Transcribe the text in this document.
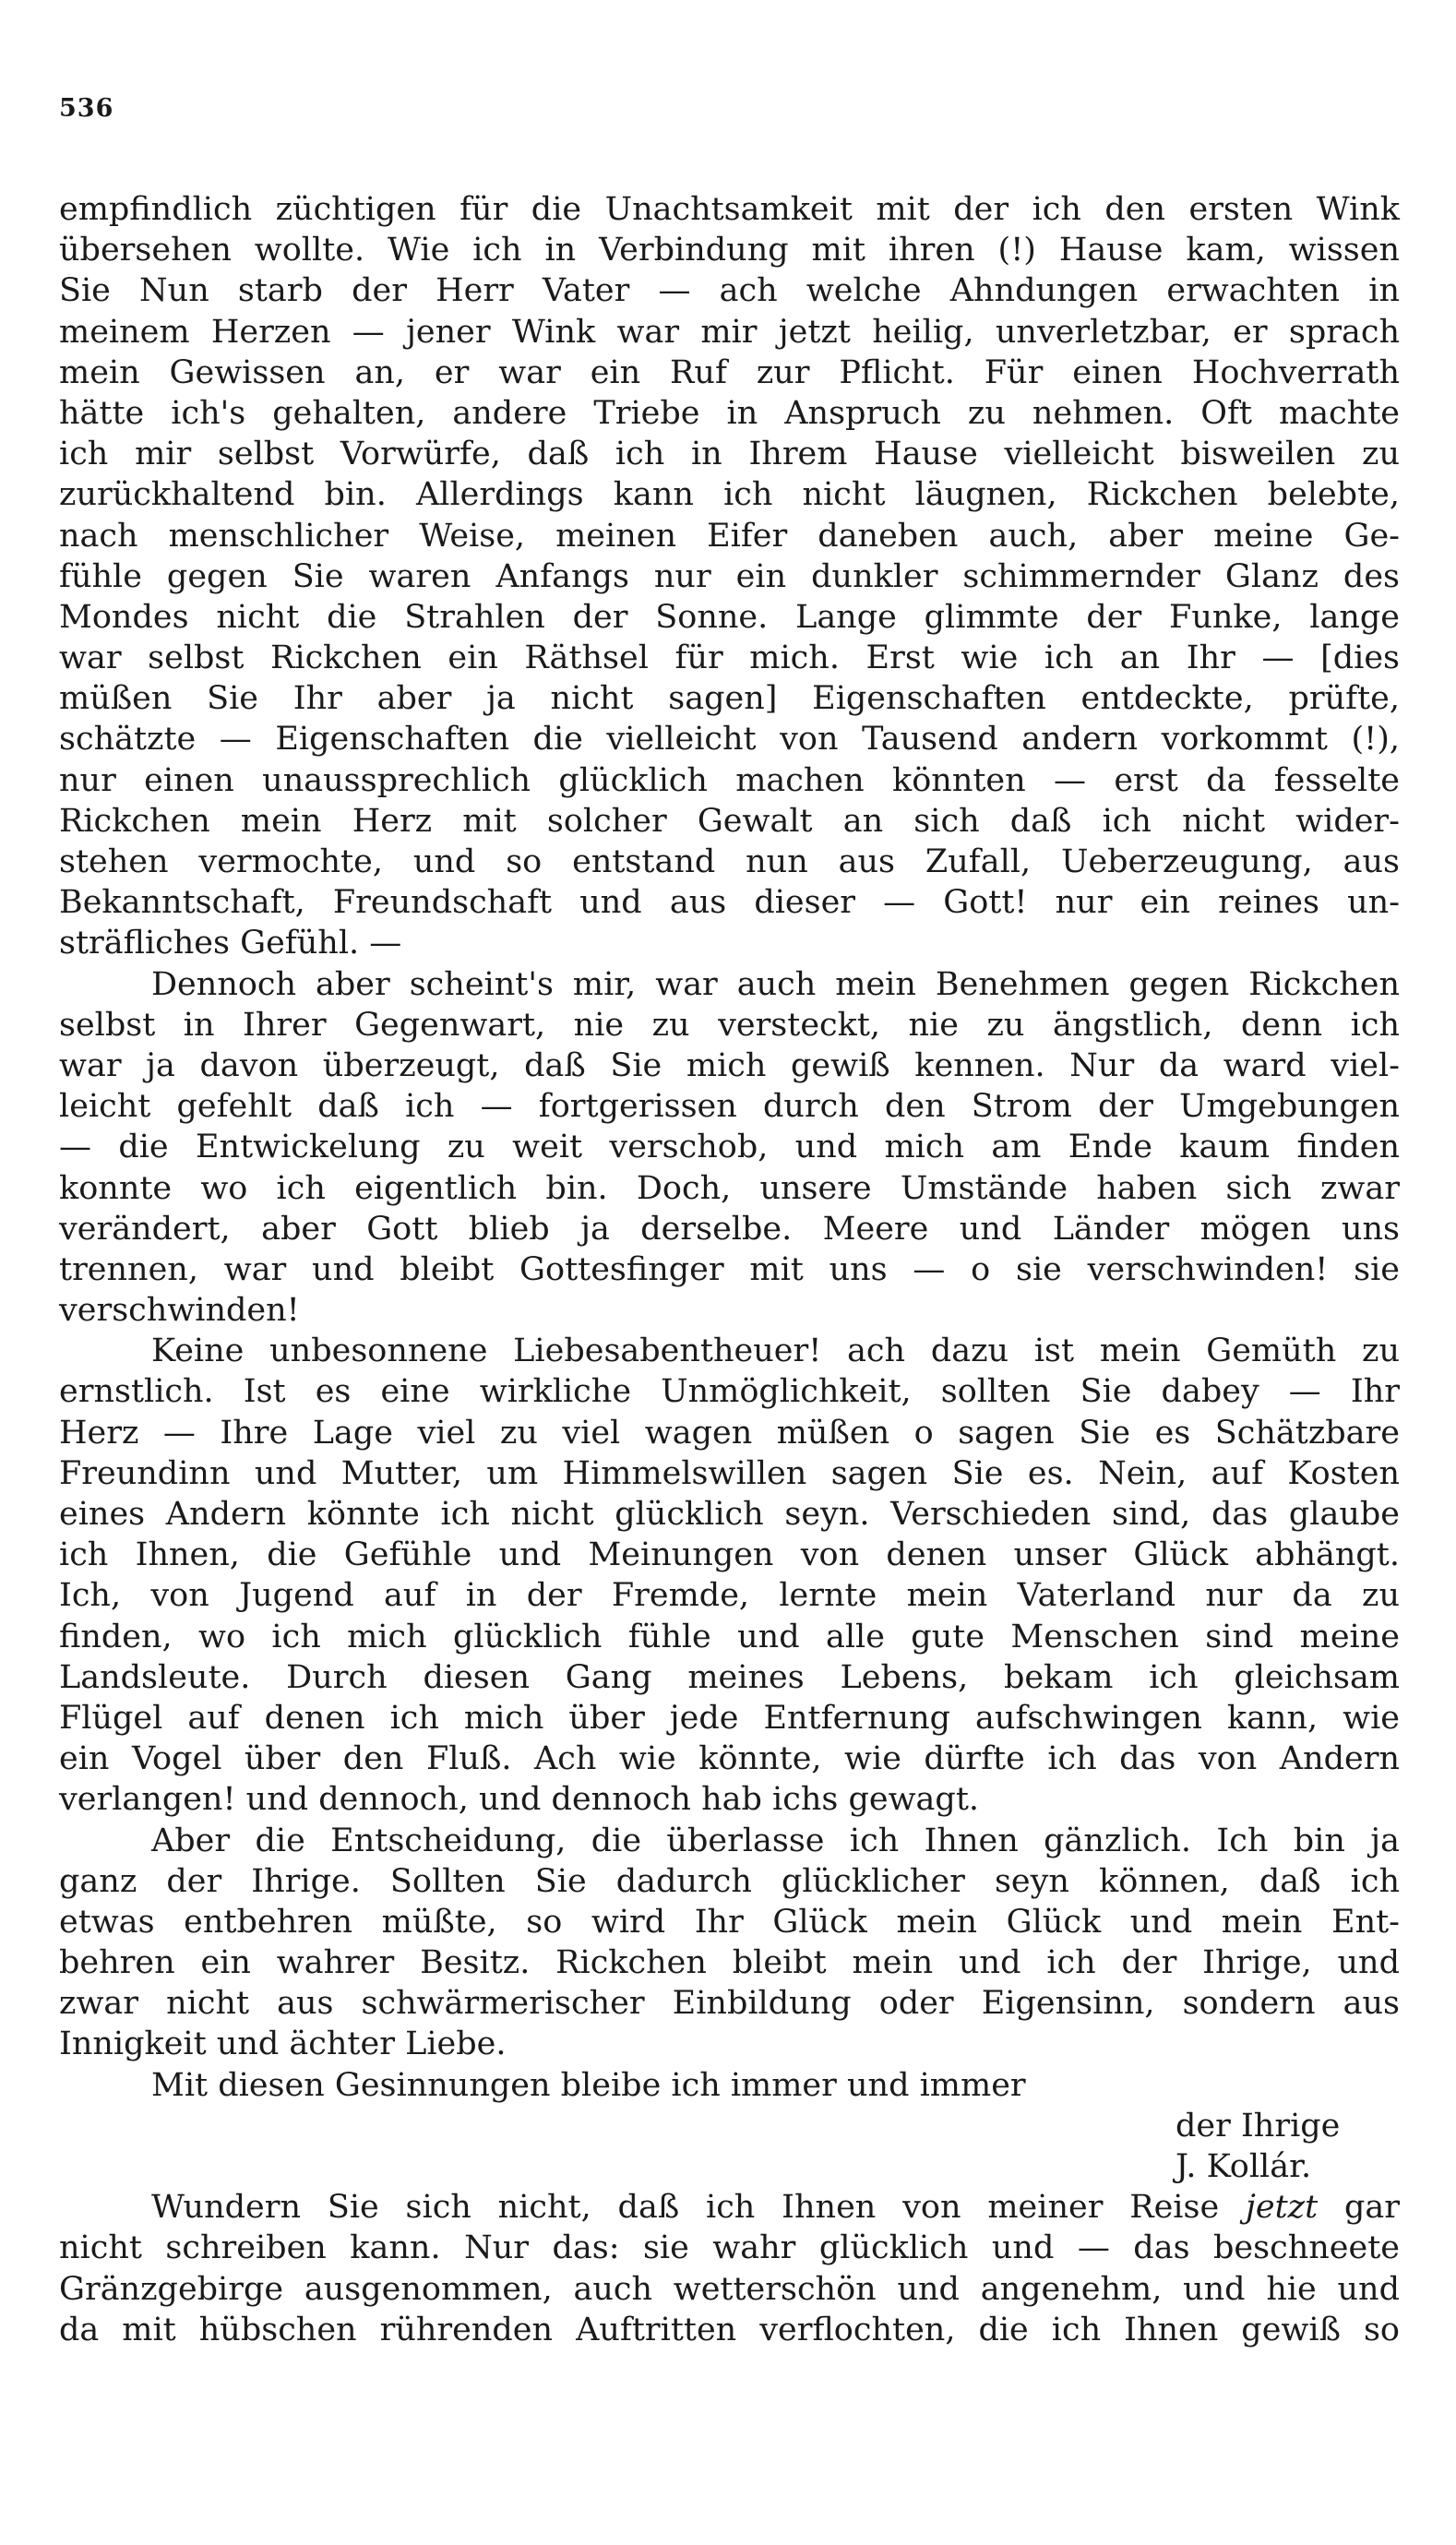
536
empfindlich züchtigen für die Unachtsamkeit mit der ich den ersten Wink
übersehen wollte. Wie ich in Verbindung mit ihren (!) Hause kam, wissen
Sie Nun starb der Herr Vater — ach welche Ahndungen erwachten in
meinem Herzen — jener Wink war mir jetzt heilig, unverletzbar, er sprach
mein Gewissen an, er war ein Ruf zur Pflicht. Für einen Hochverrath
hätte ich's gehalten, andere Triebe in Anspruch zu nehmen. Oft machte
ich mir selbst Vorwürfe, daß ich in Ihrem Hause vielleicht bisweilen zu
zurückhaltend bin. Allerdings kann ich nicht läugnen, Rickchen belebte,
nach menschlicher Weise, meinen Eifer daneben auch, aber meine Ge-
fühle gegen Sie waren Anfangs nur ein dunkler schimmernder Glanz des
Mondes nicht die Strahlen der Sonne. Lange glimmte der Funke, lange
war selbst Rickchen ein Räthsel für mich. Erst wie ich an Ihr — [dies
müßen Sie Ihr aber ja nicht sagen] Eigenschaften entdeckte, prüfte,
schätzte — Eigenschaften die vielleicht von Tausend andern vorkommt (!),
nur einen unaussprechlich glücklich machen könnten — erst da fesselte
Rickchen mein Herz mit solcher Gewalt an sich daß ich nicht wider-
stehen vermochte, und so entstand nun aus Zufall, Ueberzeugung, aus
Bekanntschaft, Freundschaft und aus dieser — Gott! nur ein reines un-
sträfliches Gefühl. —
Dennoch aber scheint's mir, war auch mein Benehmen gegen Rickchen
selbst in Ihrer Gegenwart, nie zu versteckt, nie zu ängstlich, denn ich
war ja davon überzeugt, daß Sie mich gewiß kennen. Nur da ward viel-
leicht gefehlt daß ich — fortgerissen durch den Strom der Umgebungen
— die Entwickelung zu weit verschob, und mich am Ende kaum finden
konnte wo ich eigentlich bin. Doch, unsere Umstände haben sich zwar
verändert, aber Gott blieb ja derselbe. Meere und Länder mögen uns
trennen, war und bleibt Gottesfinger mit uns — o sie verschwinden! sie
verschwinden!
Keine unbesonnene Liebesabentheuer! ach dazu ist mein Gemüth zu
ernstlich. Ist es eine wirkliche Unmöglichkeit, sollten Sie dabey — Ihr
Herz — Ihre Lage viel zu viel wagen müßen o sagen Sie es Schätzbare
Freundinn und Mutter, um Himmelswillen sagen Sie es. Nein, auf Kosten
eines Andern könnte ich nicht glücklich seyn. Verschieden sind, das glaube
ich Ihnen, die Gefühle und Meinungen von denen unser Glück abhängt.
Ich, von Jugend auf in der Fremde, lernte mein Vaterland nur da zu
finden, wo ich mich glücklich fühle und alle gute Menschen sind meine
Landsleute. Durch diesen Gang meines Lebens, bekam ich gleichsam
Flügel auf denen ich mich über jede Entfernung aufschwingen kann, wie
ein Vogel über den Fluß. Ach wie könnte, wie dürfte ich das von Andern
verlangen! und dennoch, und dennoch hab ichs gewagt.
Aber die Entscheidung, die überlasse ich Ihnen gänzlich. Ich bin ja
ganz der Ihrige. Sollten Sie dadurch glücklicher seyn können, daß ich
etwas entbehren müßte, so wird Ihr Glück mein Glück und mein Ent-
behren ein wahrer Besitz. Rickchen bleibt mein und ich der Ihrige, und
zwar nicht aus schwärmerischer Einbildung oder Eigensinn, sondern aus
Innigkeit und ächter Liebe.
Mit diesen Gesinnungen bleibe ich immer und immer
der Ihrige
J. Kollár.
Wundern Sie sich nicht, daß ich Ihnen von meiner Reise jetzt gar
nicht schreiben kann. Nur das: sie wahr glücklich und — das beschneete
Gränzgebirge ausgenommen, auch wetterschön und angenehm, und hie und
da mit hübschen rührenden Auftritten verflochten, die ich Ihnen gewiß so
